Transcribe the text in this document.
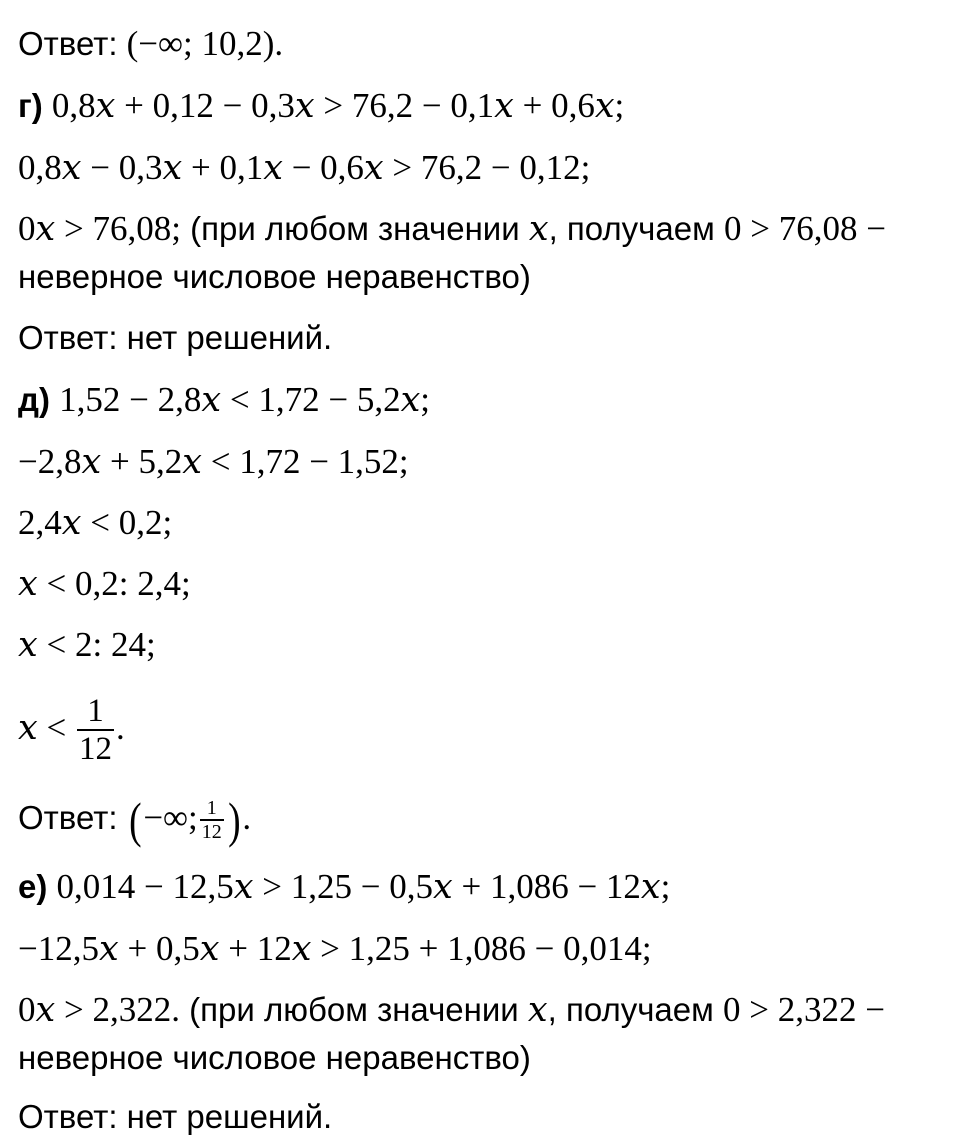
Ответ: (−∞; 10,2).
г) 0,8𝑥 + 0,12 − 0,3𝑥 > 76,2 − 0,1𝑥 + 0,6𝑥;
0,8𝑥 − 0,3𝑥 + 0,1𝑥 − 0,6𝑥 > 76,2 − 0,12;
0𝑥 > 76,08; (при любом значении 𝑥, получаем 0 > 76,08 −
неверное числовое неравенство)
Ответ: нет решений.
д) 1,52 − 2,8𝑥 < 1,72 − 5,2𝑥;
−2,8𝑥 + 5,2𝑥 < 1,72 − 1,52;
2,4𝑥 < 0,2;
𝑥 < 0,2: 2,4;
𝑥 < 2: 24;
𝑥 < $\frac{1}{12}$ .
Ответ: (−∞; $\frac{1}{12}$ ).
е) 0,014 − 12,5𝑥 > 1,25 − 0,5𝑥 + 1,086 − 12𝑥;
−12,5𝑥 + 0,5𝑥 + 12𝑥 > 1,25 + 1,086 − 0,014;
0𝑥 > 2,322. (при любом значении 𝑥, получаем 0 > 2,322 −
неверное числовое неравенство)
Ответ: нет решений.
